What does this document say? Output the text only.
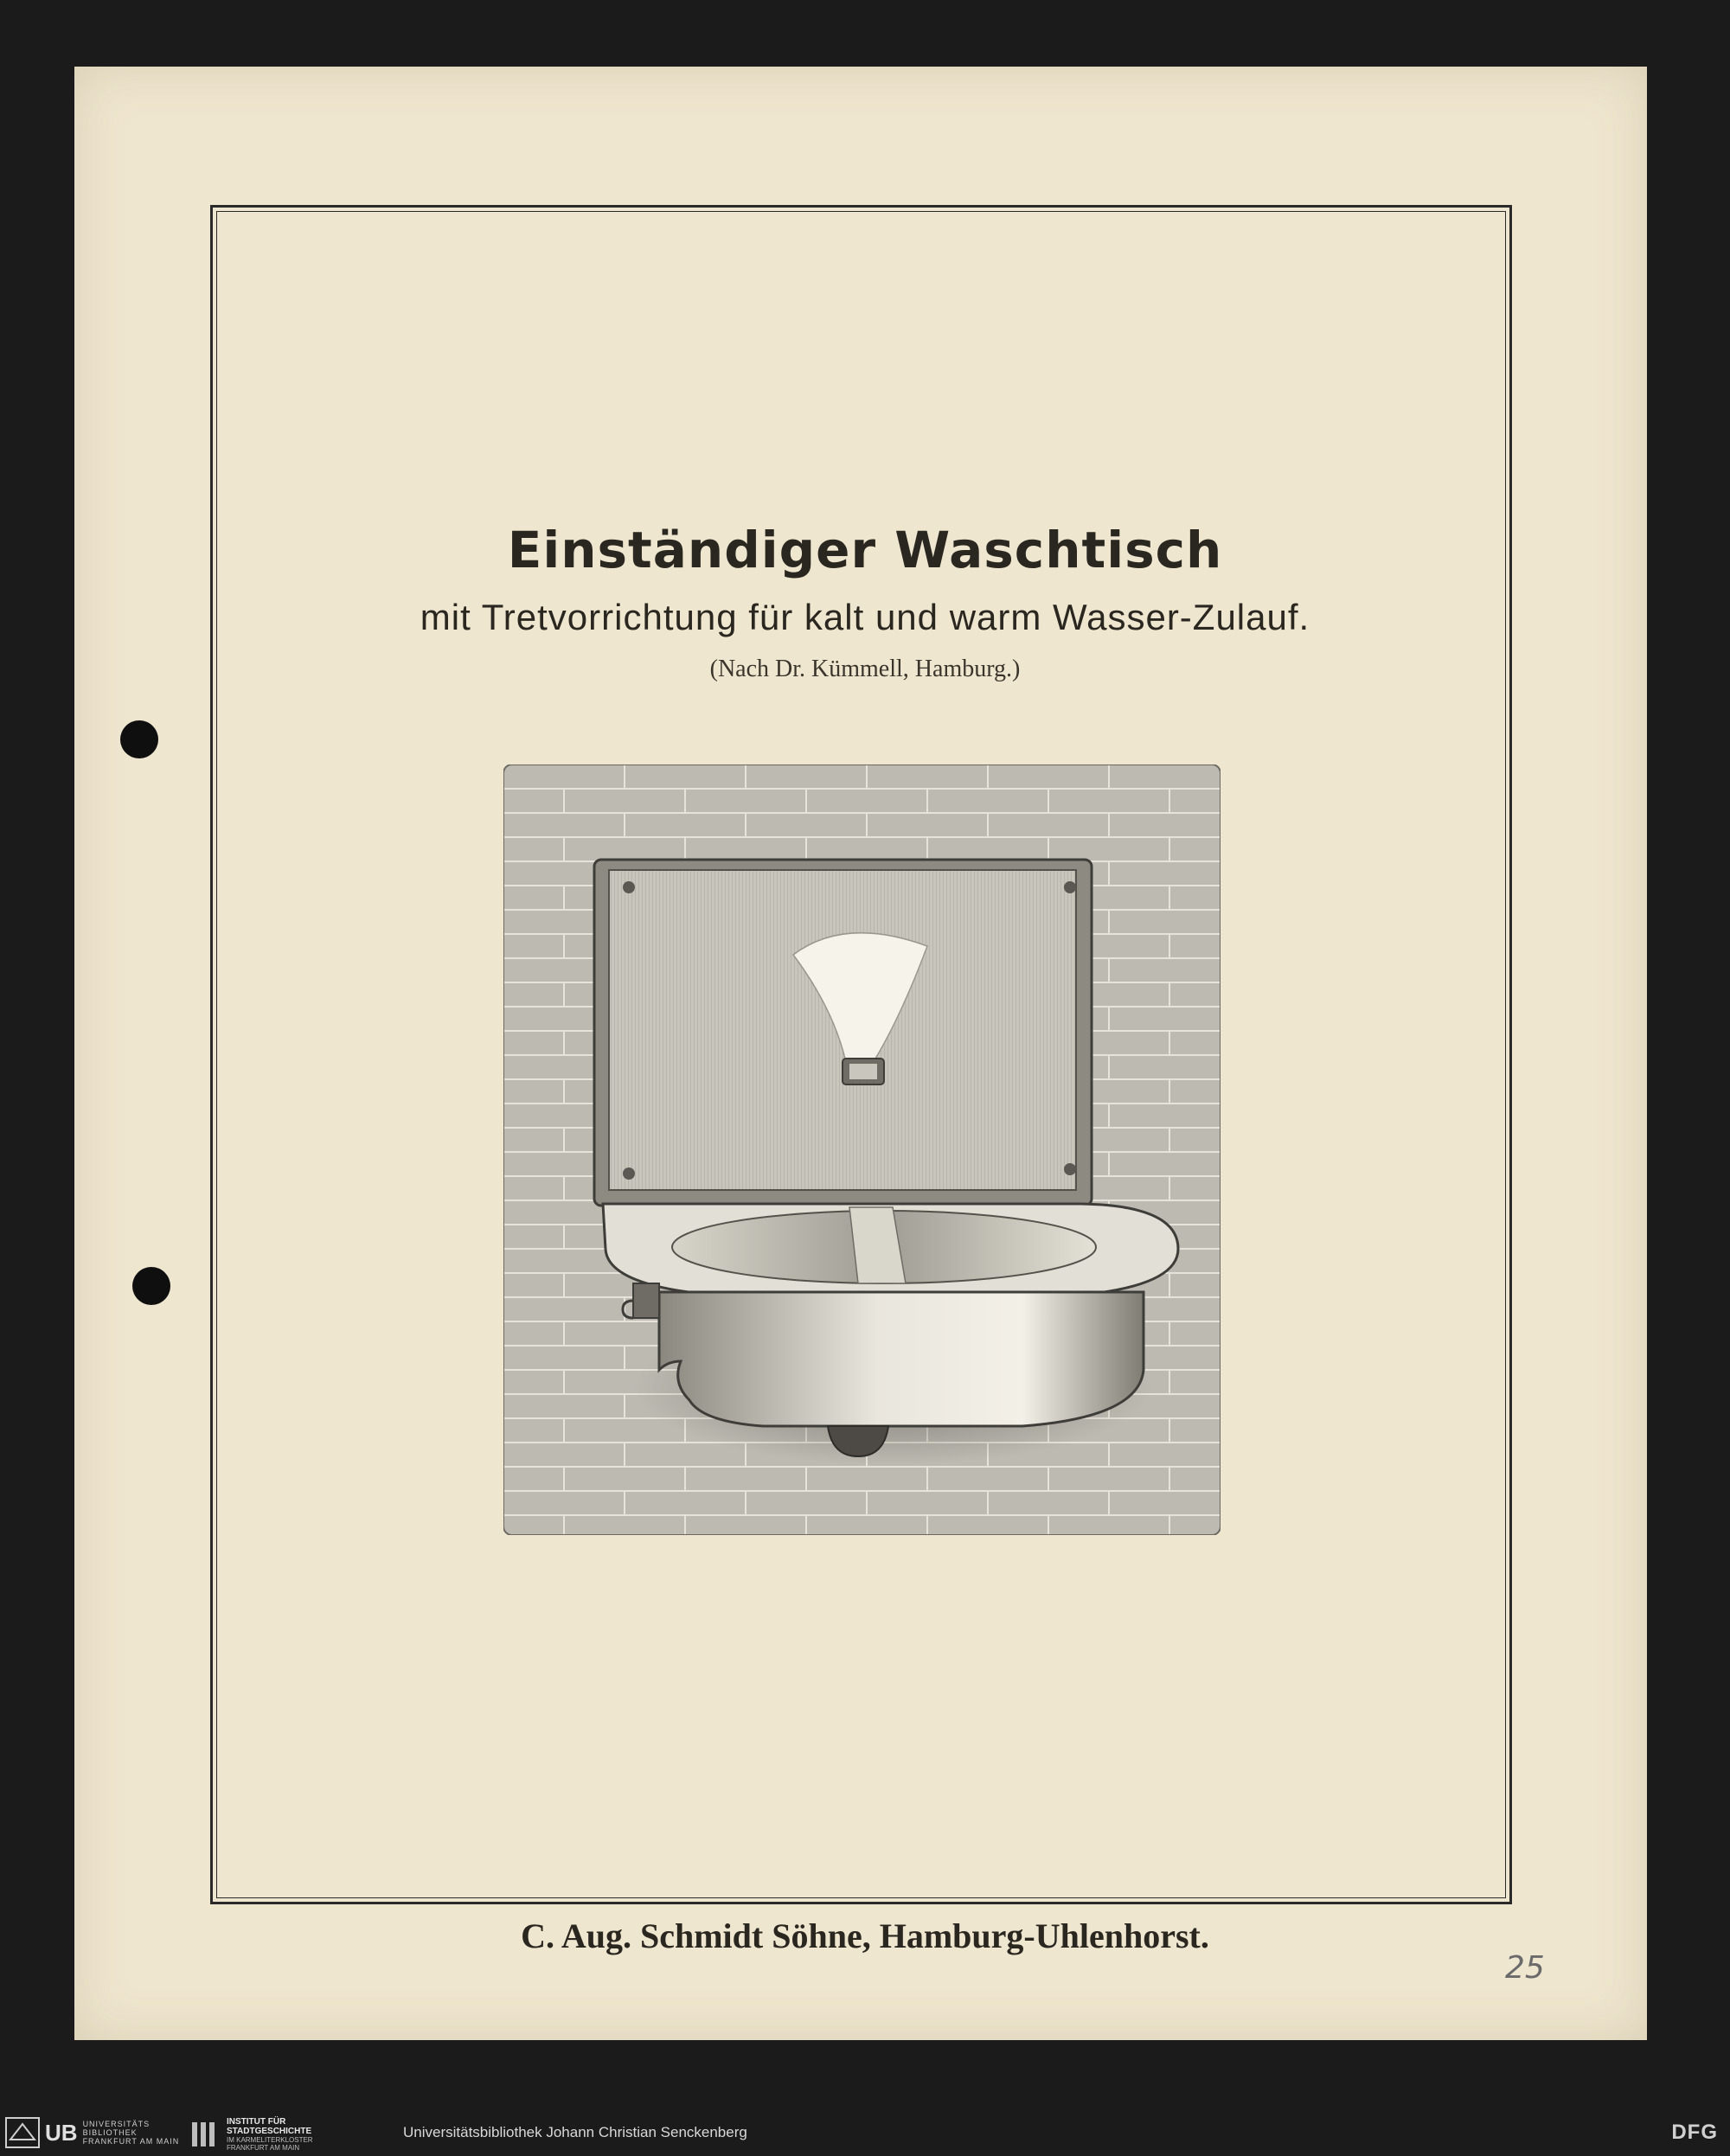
Einständiger Waschtisch
mit Tretvorrichtung für kalt und warm Wasser-Zulauf.
(Nach Dr. Kümmell, Hamburg.)
C. Aug. Schmidt Söhne, Hamburg-Uhlenhorst.
25
UB UNIVERSITÄTS
BIBLIOTHEK
FRANKFURT AM MAIN
INSTITUT FÜR
STADTGESCHICHTE
IM KARMELITERKLOSTER
FRANKFURT AM MAIN
Universitätsbibliothek Johann Christian Senckenberg	DFG
